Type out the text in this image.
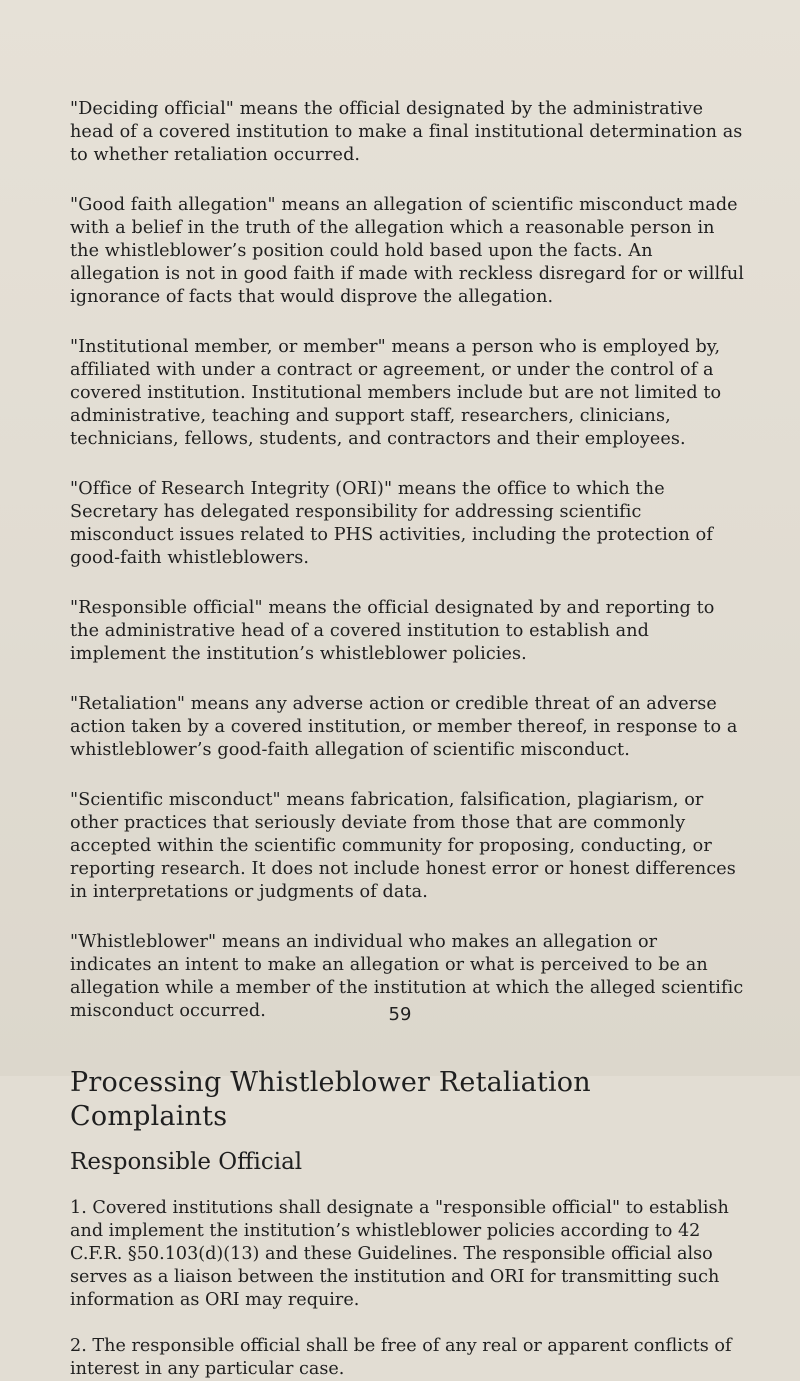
"Deciding official" means the official designated by the administrative head of a covered institution to make a final institutional determination as to whether retaliation occurred.

"Good faith allegation" means an allegation of scientific misconduct made with a belief in the truth of the allegation which a reasonable person in the whistleblower’s position could hold based upon the facts. An allegation is not in good faith if made with reckless disregard for or willful ignorance of facts that would disprove the allegation.

"Institutional member, or member" means a person who is employed by, affiliated with under a contract or agreement, or under the control of a covered institution. Institutional members include but are not limited to administrative, teaching and support staff, researchers, clinicians, technicians, fellows, students, and contractors and their employees.

"Office of Research Integrity (ORI)" means the office to which the Secretary has delegated responsibility for addressing scientific misconduct issues related to PHS activities, including the protection of good-faith whistleblowers.

"Responsible official" means the official designated by and reporting to the administrative head of a covered institution to establish and implement the institution’s whistleblower policies.

"Retaliation" means any adverse action or credible threat of an adverse action taken by a covered institution, or member thereof, in response to a whistleblower’s good-faith allegation of scientific misconduct.

"Scientific misconduct" means fabrication, falsification, plagiarism, or other practices that seriously deviate from those that are commonly accepted within the scientific community for proposing, conducting, or reporting research. It does not include honest error or honest differences in interpretations or judgments of data.

"Whistleblower" means an individual who makes an allegation or indicates an intent to make an allegation or what is perceived to be an allegation while a member of the institution at which the alleged scientific misconduct occurred.

Processing Whistleblower Retaliation Complaints
Responsible Official

1. Covered institutions shall designate a "responsible official" to establish and implement the institution’s whistleblower policies according to 42 C.F.R. §50.103(d)(13) and these Guidelines. The responsible official also serves as a liaison between the institution and ORI for transmitting such information as ORI may require.

2. The responsible official shall be free of any real or apparent conflicts of interest in any particular case.

59
